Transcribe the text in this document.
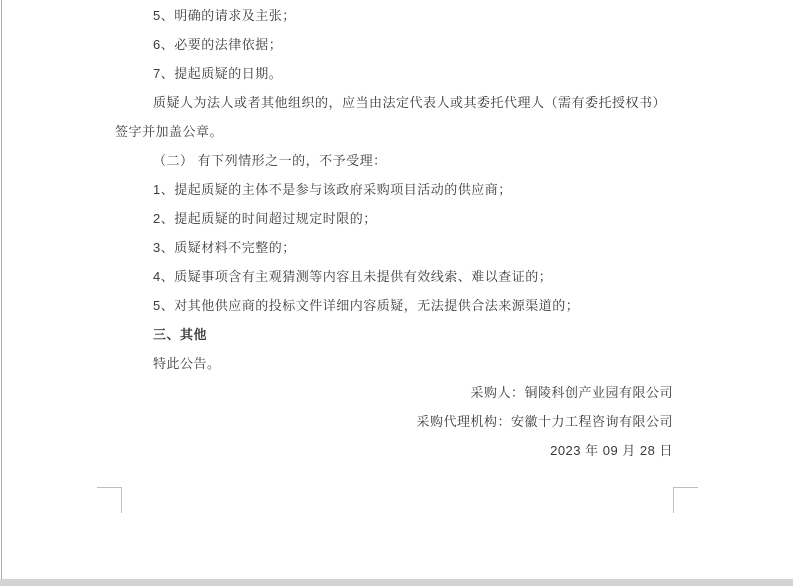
5、明确的请求及主张；
6、必要的法律依据；
7、提起质疑的日期。
质疑人为法人或者其他组织的，应当由法定代表人或其委托代理人（需有委托授权书）
签字并加盖公章。
（二） 有下列情形之一的，不予受理：
1、提起质疑的主体不是参与该政府采购项目活动的供应商；
2、提起质疑的时间超过规定时限的；
3、质疑材料不完整的；
4、质疑事项含有主观猜测等内容且未提供有效线索、难以查证的；
5、对其他供应商的投标文件详细内容质疑，无法提供合法来源渠道的；
三、其他
特此公告。
采购人：铜陵科创产业园有限公司
采购代理机构：安徽十力工程咨询有限公司
2023 年 09 月 28 日
